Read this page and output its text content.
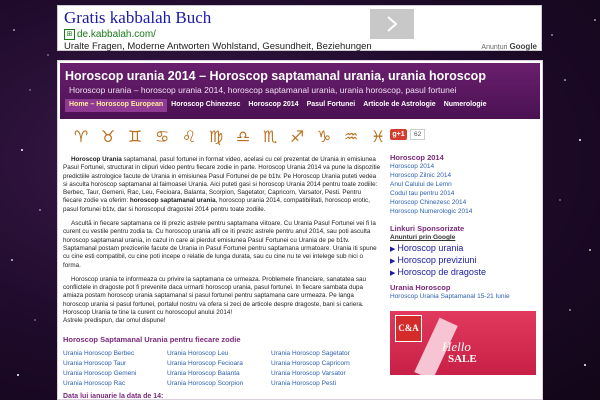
Gratis kabbalah Buch
⊞ de.kabbalah.com/
Uralte Fragen, Moderne Antworten Wohlstand, Gesundheit, Beziehungen	Anunțuri Google
Horoscop urania 2014 – Horoscop saptamanal urania, urania horoscop
Horoscop urania – horoscop urania 2014, horoscop saptamanal urania, urania horoscop, pasul fortunei
Home – Horoscop European	Horoscop Chinezesc	Horoscop 2014	Pasul Fortunei	Articole de Astrologie	Numerologie
♈ ♉ ♊ ♋ ♌ ♍ ♎ ♏ ♐ ♑ ♒ ♓

Horoscop Urania saptamanal, pasul fortunei in format video, acelasi cu cel prezentat de Urania in emisiunea Pasul Fortunei, structurat in clipuri video pentru fiecare zodie in parte. Horoscop Urania 2014 va pune la dispozitie predictiile astrologice facute de Urania in emisiunea Pasul Fortunei de pe b1tv. Pe Horoscop Urania puteti vedea si asculta horoscop saptamanal al faimoasei Urania. Aici puteti gasi si horoscop Urania 2014 pentru toate zodiile: Berbec, Taur, Gemeni, Rac, Leu, Fecioara, Balanta, Scorpion, Sagetator, Capricorn, Varsator, Pesti. Pentru fiecare zodie va oferim: horoscop saptamanal urania, horoscop urania 2014, compatibilitati, horoscop erotic, pasul fortunei b1tv, dar si horoscopul dragostei 2014 pentru toate zodiile.

Ascultă in fiecare saptamana ce iti prezic astrele pentru saptamana viitoare. Cu Urania Pasul Fortunei vei fi la curent cu vestile pentru zodia ta. Cu horoscop urania afli ce iti prezic astrele pentru anul 2014, sau poti asculta horoscop saptamanal urania, in cazul in care ai pierdut emisiunea Pasul Fortunei cu Urania de pe b1tv. Saptamanal postam prezicerile facute de Urania in Pasul Fortunei pentru saptamana urmatoare. Urania iti spune cu cine esti compatibil, cu cine poti incepe o relatie de lunga durata, sau cu cine nu te vei intelege sub nici o forma.

Horoscop urania te informeaza cu privire la saptamana ce urmeaza. Problemele financiare, sanatatea sau conflictele in dragoste pot fi prevenite daca urmarti horoscop urania, pasul fortunei. In fiecare sambata dupa amiaza postam horoscop urania saptamanal si pasul fortunei pentru saptamana care urmeaza. Pe langa horoscop urania si pasul fortunei, portalul nostru va ofera si zeci de articole despre dragoste, bani si cariera. Horoscop Urania te tine la curent cu horoscopul anului 2014!
Astrele predispun, dar omul dispune!

Horoscop Saptamanal Urania pentru fiecare zodie
Urania Horoscop Berbec	Urania Horoscop Leu	Urania Horoscop Sagetator
Urania Horoscop Taur	Urania Horoscop Fecioara	Urania Horoscop Capricorn
Urania Horoscop Gemeni	Urania Horoscop Balanta	Urania Horoscop Varsator
Urania Horoscop Rac	Urania Horoscop Scorpion	Urania Horoscop Pesti
Data lui ianuarie la data de 14:
g+1	62
Horoscop 2014
Horoscop 2014
Horoscop Zilnic 2014
Anul Calului de Lemn
Codul tau pentru 2014
Horoscop Chinezesc 2014
Horoscop Numerologic 2014
Linkuri Sponsorizate
Anunturi prin Google
▶ Horoscop urania
▶ Horoscop previziuni
▶ Horoscop de dragoste
Urania Horoscop
Horoscop Urania Saptamanal 15-21 Iunie
C&A
Hello
SALE
